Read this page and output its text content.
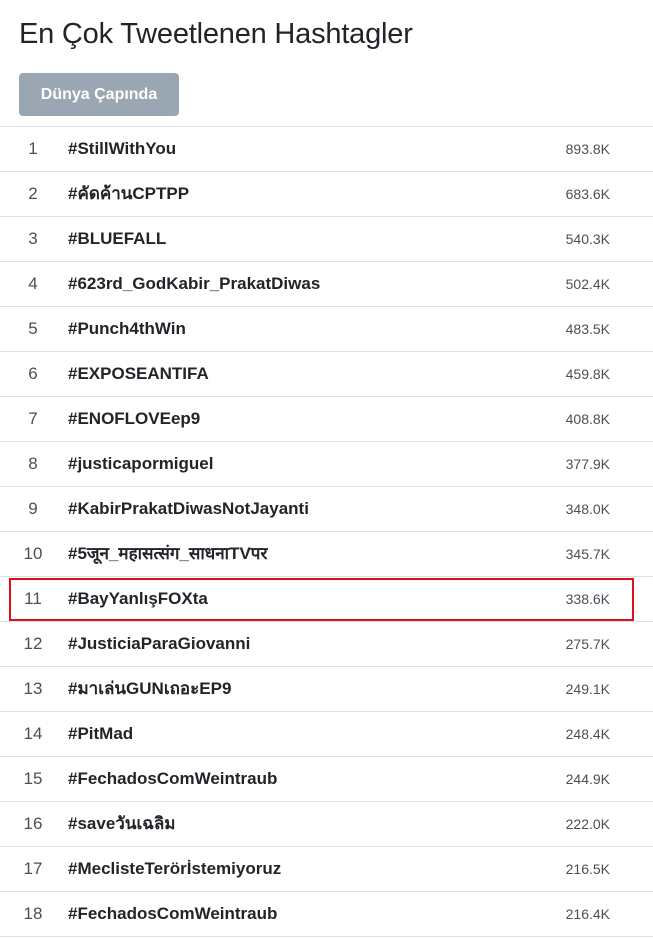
En Çok Tweetlenen Hashtagler
Dünya Çapında
1	#StillWithYou	893.8K
2	#คัดค้านCPTPP	683.6K
3	#BLUEFALL	540.3K
4	#623rd_GodKabir_PrakatDiwas	502.4K
5	#Punch4thWin	483.5K
6	#EXPOSEANTIFA	459.8K
7	#ENOFLOVEep9	408.8K
8	#justicapormiguel	377.9K
9	#KabirPrakatDiwasNotJayanti	348.0K
10	#5जून_महासत्संग_साधनाTVपर	345.7K
11	#BayYanlışFOXta	338.6K
12	#JusticiaParaGiovanni	275.7K
13	#มาเล่นGUNเถอะEP9	249.1K
14	#PitMad	248.4K
15	#FechadosComWeintraub	244.9K
16	#saveวันเฉลิม	222.0K
17	#MeclisteTerörİstemiyoruz	216.5K
18	#FechadosComWeintraub	216.4K
